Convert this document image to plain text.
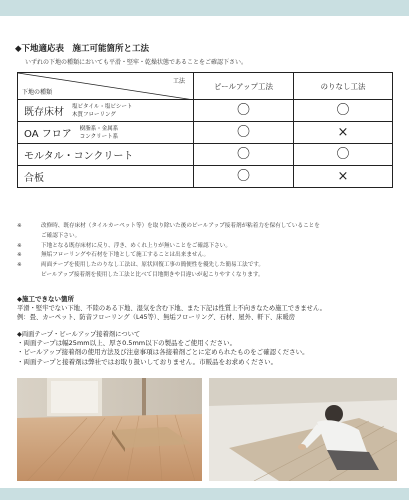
◆下地適応表　施工可能箇所と工法
いずれの下地の種類においても平滑・堅牢・乾燥状態であることをご確認下さい。
工法
下地の種類	ピールアップ工法	のりなし工法

既存床材
塩ビタイル・塩ビシート
木質フローリング	〇	〇

OA フロア
樹脂系・金属系
コンクリート系	〇	×

モルタル・コンクリート	〇	〇

合板	〇	×
※	改修時、既存床材（タイルカーペット等）を取り除いた後のピールアップ接着剤が粘着力を保有していることを
ご確認下さい。
※	下地となる既存床材に反り、浮き、めくれ上りが無いことをご確認下さい。
※	無垢フローリングや石材を下地として施工することは出来ません。
※	両面テープを使用したのりなし工法は、原状回復工事の簡便性を優先した簡易工法です。
ピールアップ接着剤を使用した工法と比べて目地開きや目違いが起こりやすくなります。
◆施工できない箇所
平滑・堅牢でない下地、不陸のある下地、湿気を含む下地、また下記は性質上不向きなため施工できません。
例：畳、カーペット、防音フローリング（L45等）、無垢フローリング、石材、屋外、軒下、床暖房
◆両面テープ・ピールアップ接着剤について
・両面テープは幅25mm以上、厚さ0.5mm以下の製品をご使用ください。
・ピールアップ接着剤の使用方法及び注意事項は各接着剤ごとに定められたものをご確認ください。
・両面テープと接着剤は弊社ではお取り扱いしておりません。市販品をお求めください。
